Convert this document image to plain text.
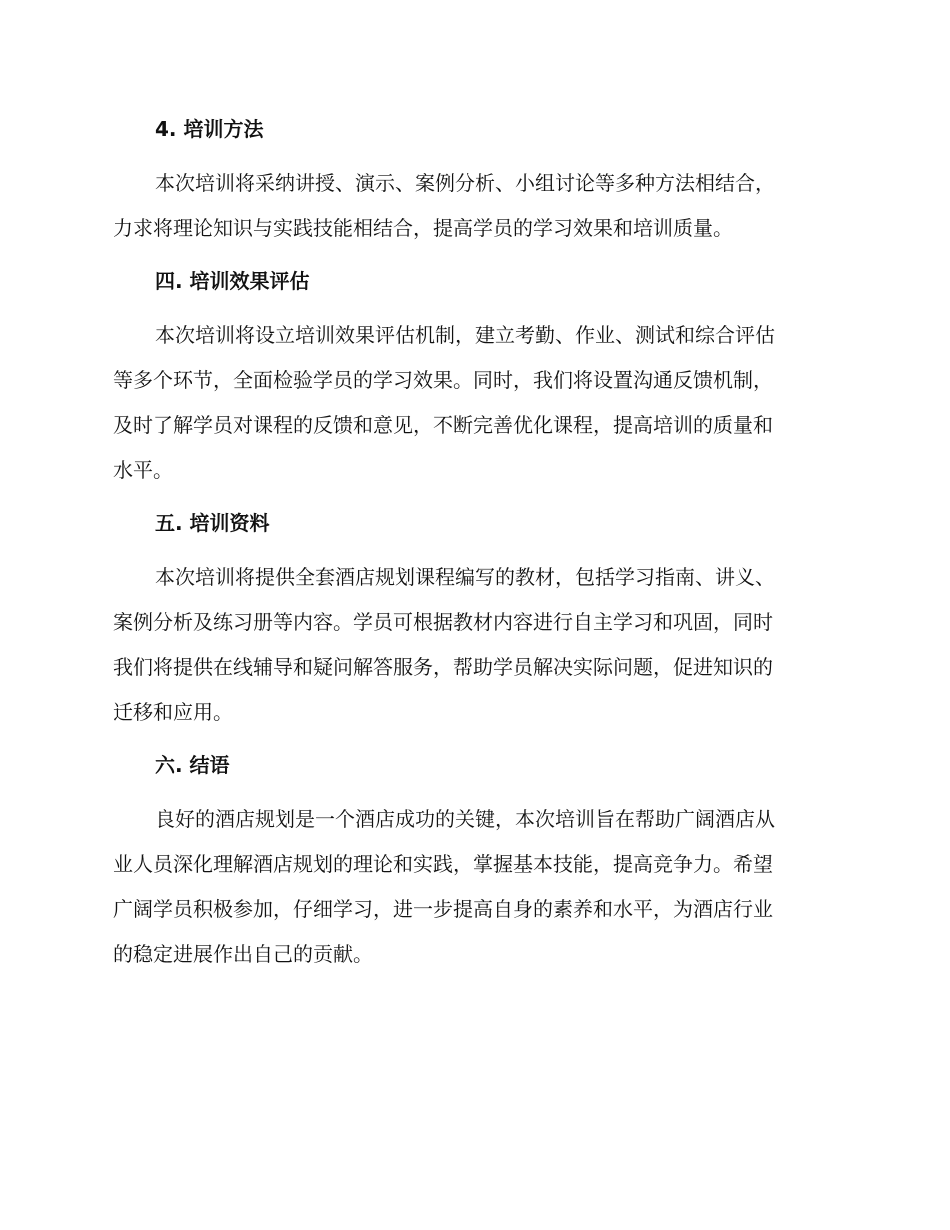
4. 培训方法
本次培训将采纳讲授、演示、案例分析、小组讨论等多种方法相结合，
力求将理论知识与实践技能相结合，提高学员的学习效果和培训质量。
四. 培训效果评估
本次培训将设立培训效果评估机制，建立考勤、作业、测试和综合评估
等多个环节，全面检验学员的学习效果。同时，我们将设置沟通反馈机制，
及时了解学员对课程的反馈和意见，不断完善优化课程，提高培训的质量和
水平。
五. 培训资料
本次培训将提供全套酒店规划课程编写的教材，包括学习指南、讲义、
案例分析及练习册等内容。学员可根据教材内容进行自主学习和巩固，同时
我们将提供在线辅导和疑问解答服务，帮助学员解决实际问题，促进知识的
迁移和应用。
六. 结语
良好的酒店规划是一个酒店成功的关键，本次培训旨在帮助广阔酒店从
业人员深化理解酒店规划的理论和实践，掌握基本技能，提高竞争力。希望
广阔学员积极参加，仔细学习，进一步提高自身的素养和水平，为酒店行业
的稳定进展作出自己的贡献。
